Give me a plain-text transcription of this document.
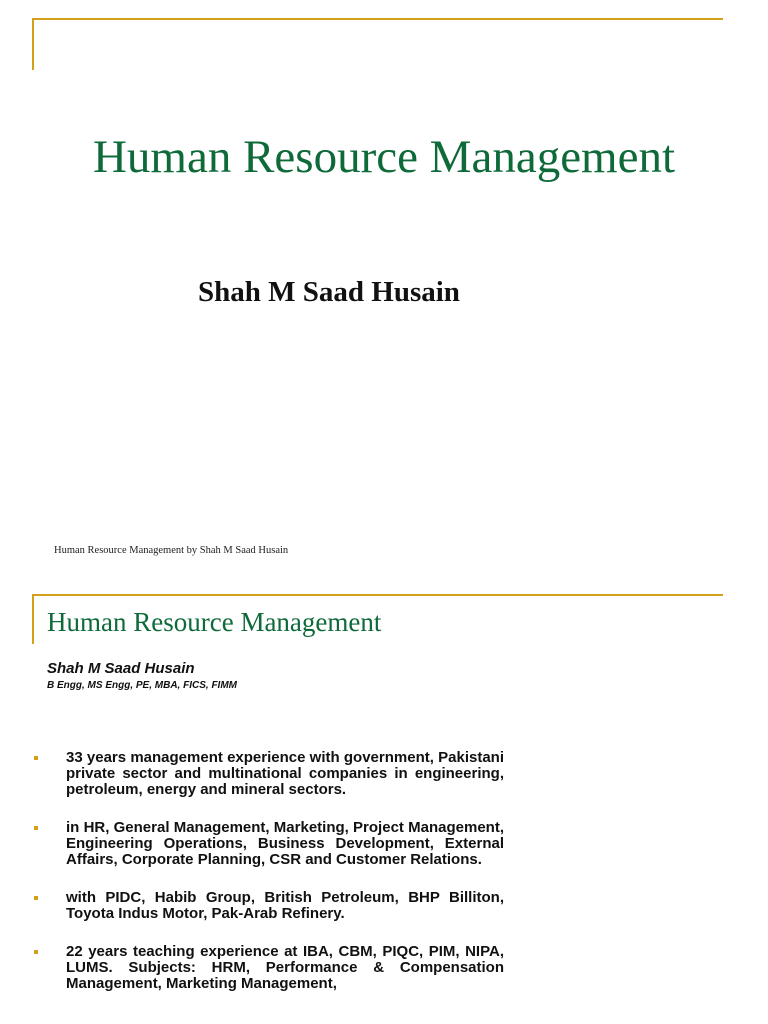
Human Resource Management
Shah M Saad Husain
Human Resource Management by Shah M Saad Husain
Human Resource Management
Shah M Saad Husain
B Engg, MS Engg, PE, MBA, FICS, FIMM
33 years management experience with government, Pakistani private sector and multinational companies in engineering, petroleum, energy and mineral sectors.
in HR, General Management, Marketing, Project Management, Engineering Operations, Business Development, External Affairs, Corporate Planning, CSR and Customer Relations.
with PIDC, Habib Group, British Petroleum, BHP Billiton, Toyota Indus Motor, Pak-Arab Refinery.
22 years teaching experience at IBA, CBM, PIQC, PIM, NIPA, LUMS. Subjects: HRM, Performance & Compensation Management, Marketing Management,
